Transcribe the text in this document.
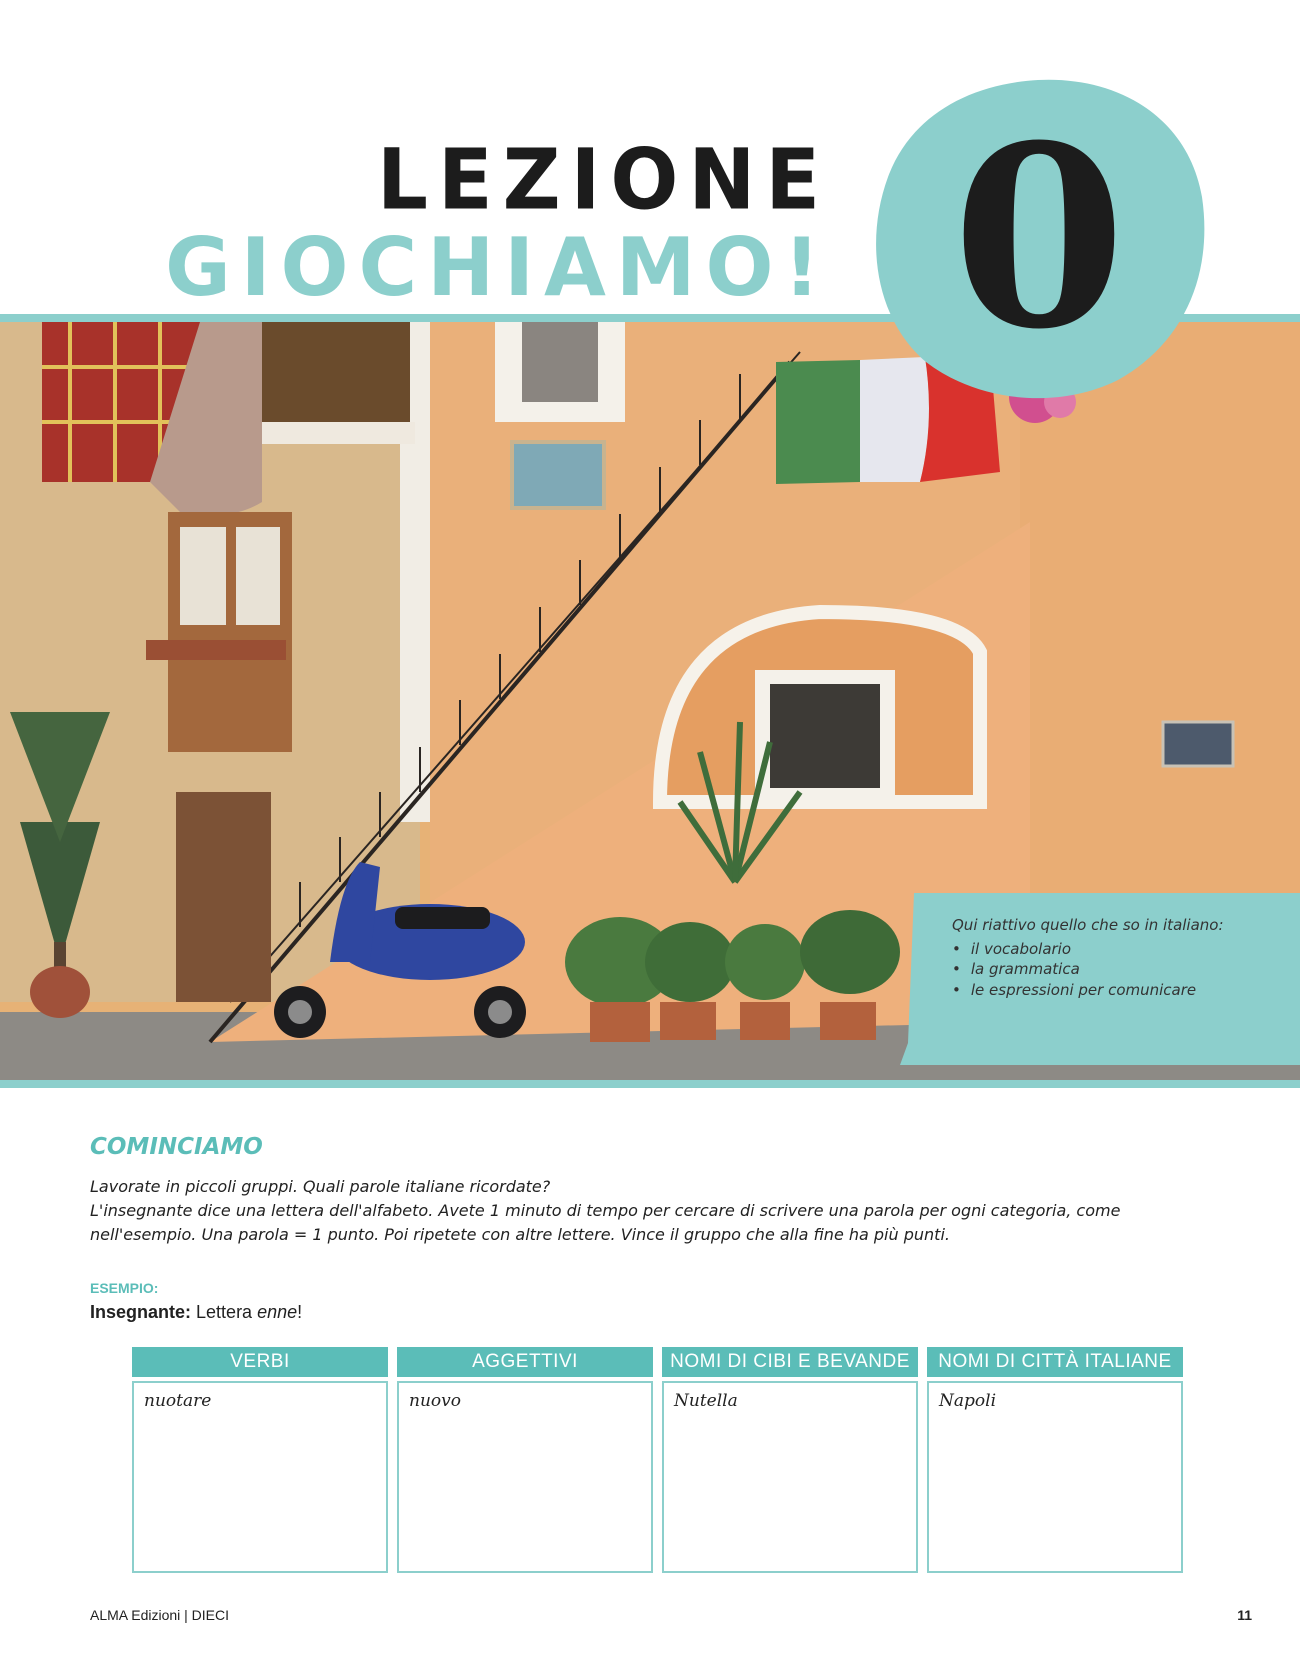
LEZIONE
GIOCHIAMO! 0
Qui riattivo quello che so in italiano:
• il vocabolario
• la grammatica
• le espressioni per comunicare
COMINCIAMO

Lavorate in piccoli gruppi. Quali parole italiane ricordate?

L'insegnante dice una lettera dell'alfabeto. Avete 1 minuto di tempo per cercare di scrivere una parola per ogni categoria, come nell'esempio. Una parola = 1 punto. Poi ripetete con altre lettere. Vince il gruppo che alla fine ha più punti.

ESEMPIO:
Insegnante: Lettera enne!
VERBI
nuotare
AGGETTIVI
nuovo
NOMI DI CIBI E BEVANDE
Nutella
NOMI DI CITTÀ ITALIANE
Napoli
ALMA Edizioni | DIECI	11
